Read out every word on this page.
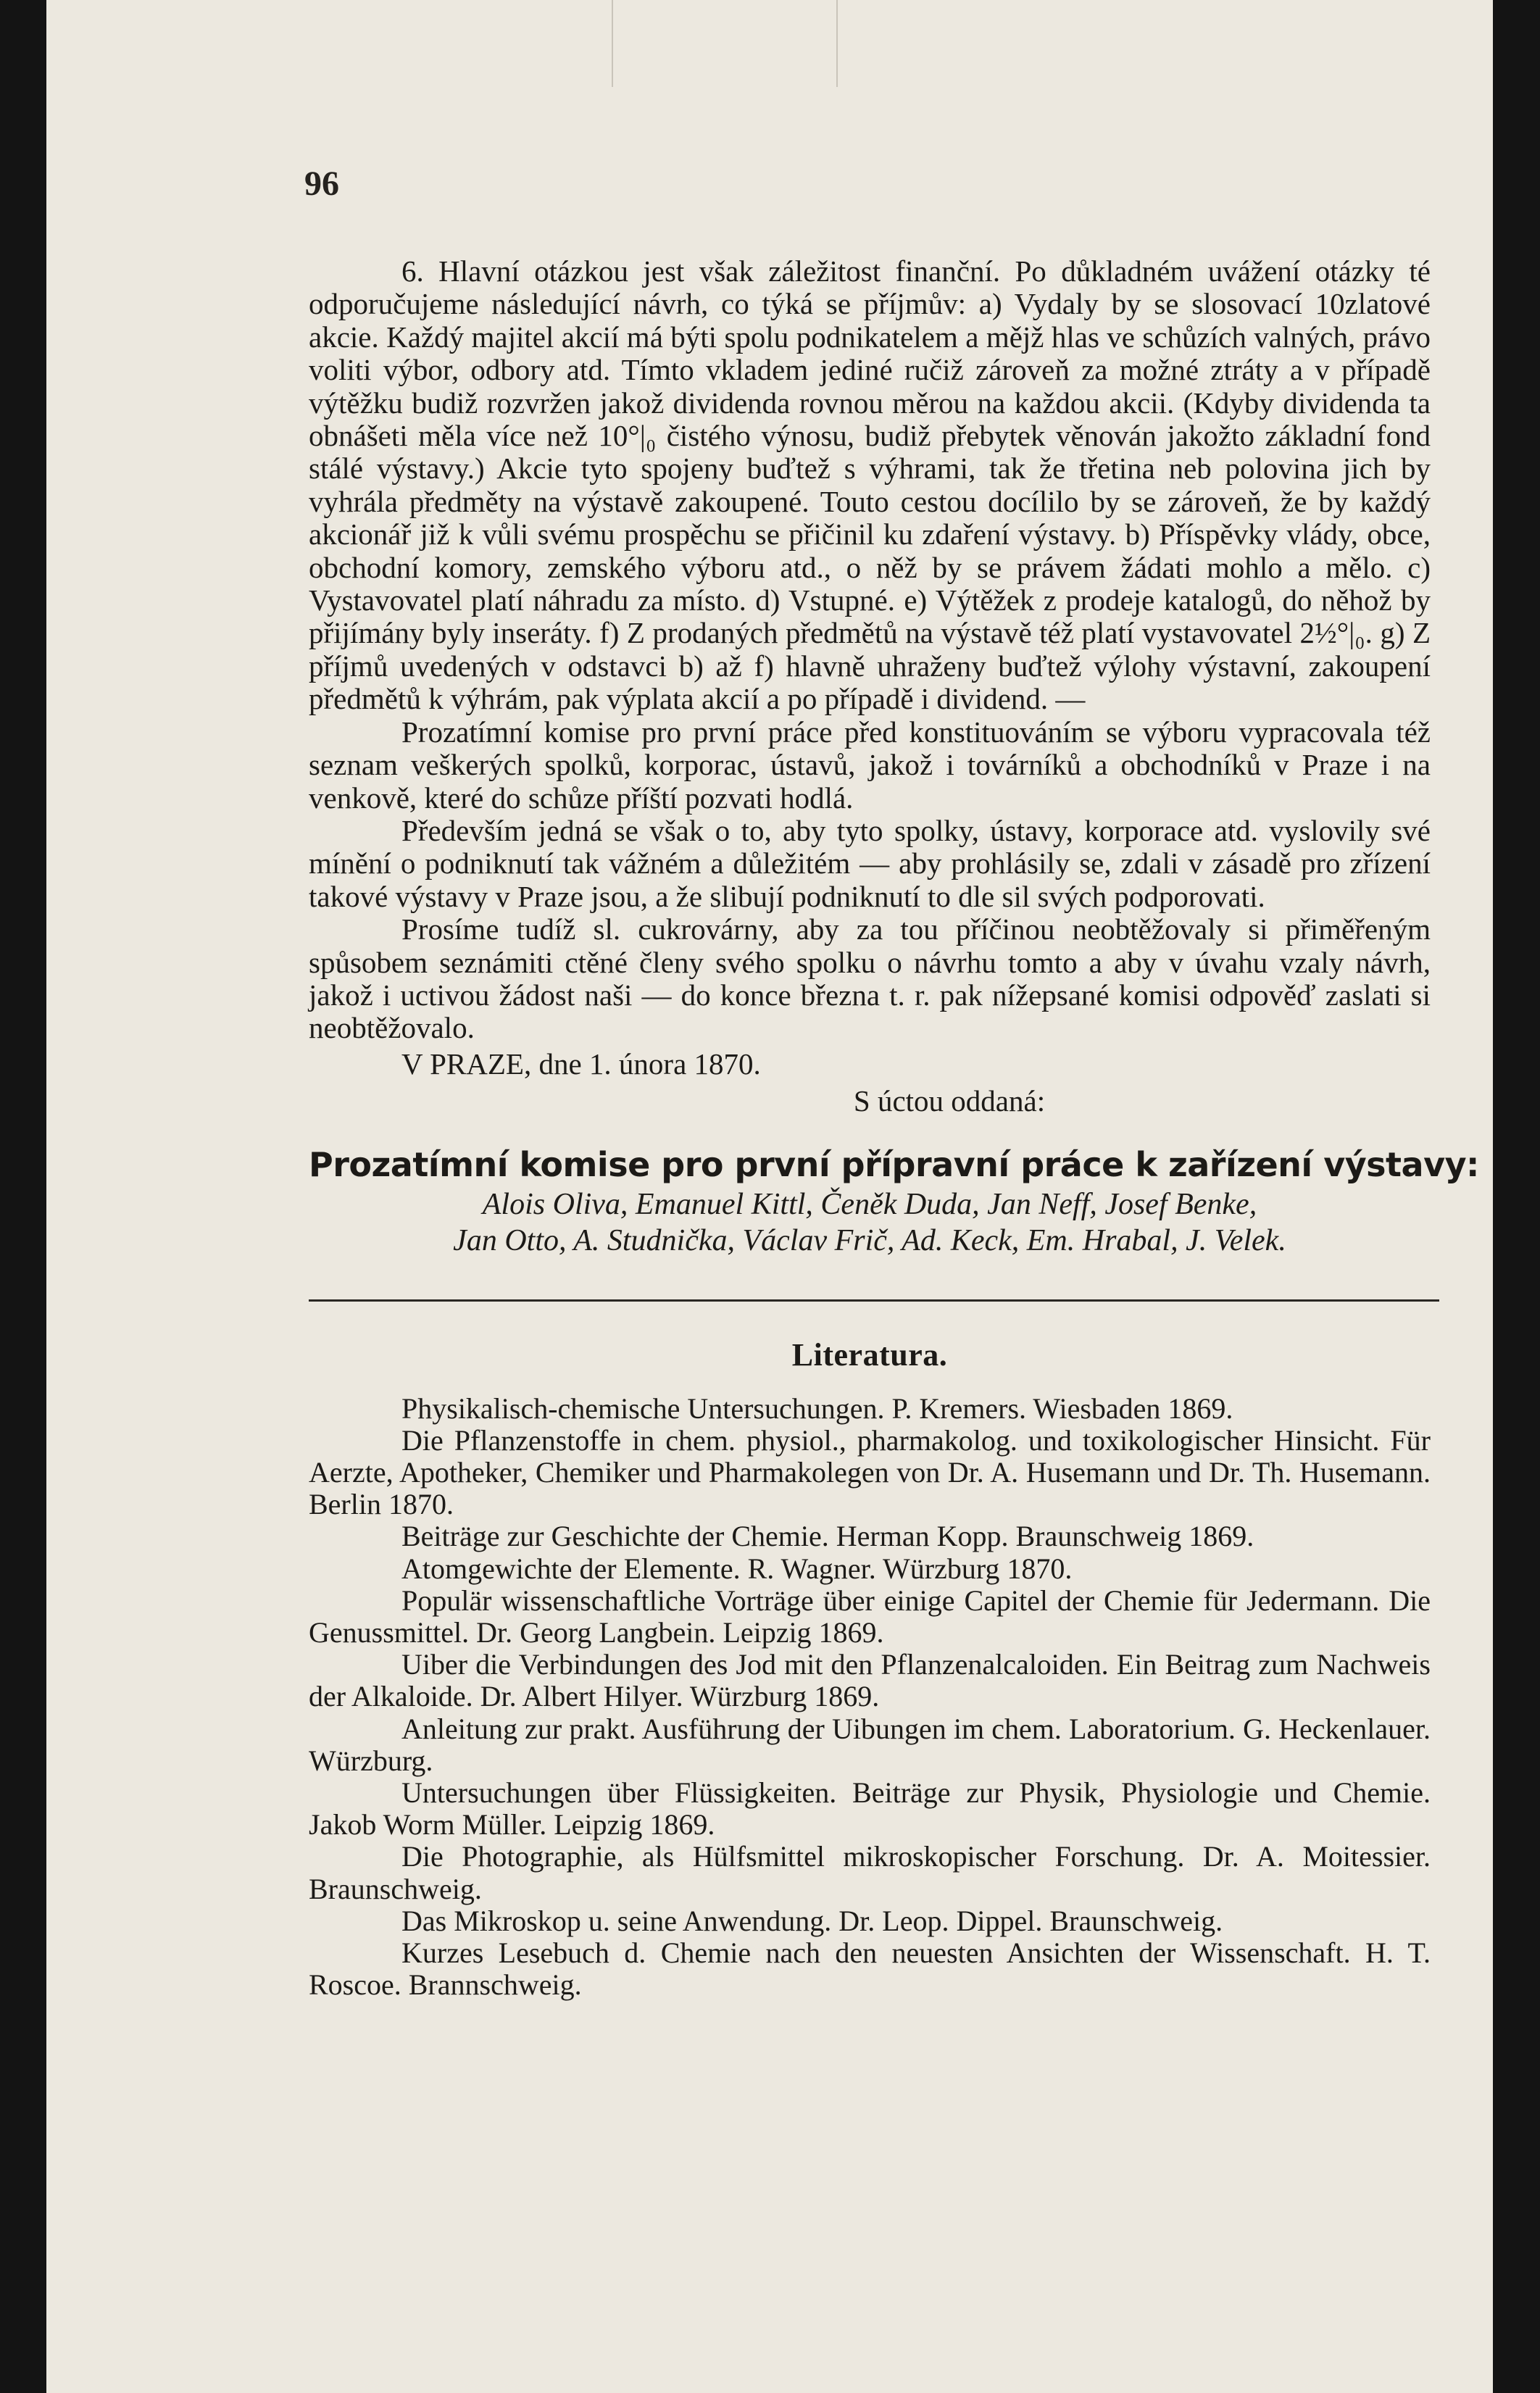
96

6. Hlavní otázkou jest však záležitost finanční. Po důkladném uvážení otázky té odporučujeme následující návrh, co týká se příjmův: a) Vydaly by se slosovací 10zlatové akcie. Každý majitel akcií má býti spolu podnikatelem a mějž hlas ve schůzích valných, právo voliti výbor, odbory atd. Tímto vkladem jediné ručiž zároveň za možné ztráty a v případě výtěžku budiž rozvržen jakož dividenda rovnou měrou na každou akcii. (Kdyby dividenda ta obnášeti měla více než 10°|₀ čistého výnosu, budiž přebytek věnován jakožto základní fond stálé výstavy.) Akcie tyto spojeny buďtež s výhrami, tak že třetina neb polovina jich by vyhrála předměty na výstavě zakoupené. Touto cestou docílilo by se zároveň, že by každý akcionář již k vůli svému prospěchu se přičinil ku zdaření výstavy. b) Příspěvky vlády, obce, obchodní komory, zemského výboru atd., o něž by se právem žádati mohlo a mělo. c) Vystavovatel platí náhradu za místo. d) Vstupné. e) Výtěžek z prodeje katalogů, do něhož by přijímány byly inseráty. f) Z prodaných předmětů na výstavě též platí vystavovatel 2½°|₀. g) Z příjmů uvedených v odstavci b) až f) hlavně uhraženy buďtež výlohy výstavní, zakoupení předmětů k výhrám, pak výplata akcií a po případě i dividend. —

Prozatímní komise pro první práce před konstituováním se výboru vypracovala též seznam veškerých spolků, korporac, ústavů, jakož i továrníků a obchodníků v Praze i na venkově, které do schůze příští pozvati hodlá.

Především jedná se však o to, aby tyto spolky, ústavy, korporace atd. vyslovily své mínění o podniknutí tak vážném a důležitém — aby prohlásily se, zdali v zásadě pro zřízení takové výstavy v Praze jsou, a že slibují podniknutí to dle sil svých podporovati.

Prosíme tudíž sl. cukrovárny, aby za tou příčinou neobtěžovaly si přiměřeným spůsobem seznámiti ctěné členy svého spolku o návrhu tomto a aby v úvahu vzaly návrh, jakož i uctivou žádost naši — do konce března t. r. pak nížepsané komisi odpověď zaslati si neobtěžovalo.

V PRAZE, dne 1. února 1870.

S úctou oddaná:

Prozatímní komise pro první přípravní práce k zařízení výstavy:
Alois Oliva, Emanuel Kittl, Čeněk Duda, Jan Neff, Josef Benke,
Jan Otto, A. Studnička, Václav Frič, Ad. Keck, Em. Hrabal, J. Velek.
Literatura.

Physikalisch-chemische Untersuchungen. P. Kremers. Wiesbaden 1869.

Die Pflanzenstoffe in chem. physiol., pharmakolog. und toxikologischer Hinsicht. Für Aerzte, Apotheker, Chemiker und Pharmakolegen von Dr. A. Husemann und Dr. Th. Husemann. Berlin 1870.

Beiträge zur Geschichte der Chemie. Herman Kopp. Braunschweig 1869.

Atomgewichte der Elemente. R. Wagner. Würzburg 1870.

Populär wissenschaftliche Vorträge über einige Capitel der Chemie für Jedermann. Die Genussmittel. Dr. Georg Langbein. Leipzig 1869.

Uiber die Verbindungen des Jod mit den Pflanzenalcaloiden. Ein Beitrag zum Nachweis der Alkaloide. Dr. Albert Hilyer. Würzburg 1869.

Anleitung zur prakt. Ausführung der Uibungen im chem. Laboratorium. G. Heckenlauer. Würzburg.

Untersuchungen über Flüssigkeiten. Beiträge zur Physik, Physiologie und Chemie. Jakob Worm Müller. Leipzig 1869.

Die Photographie, als Hülfsmittel mikroskopischer Forschung. Dr. A. Moitessier. Braunschweig.

Das Mikroskop u. seine Anwendung. Dr. Leop. Dippel. Braunschweig.

Kurzes Lesebuch d. Chemie nach den neuesten Ansichten der Wissenschaft. H. T. Roscoe. Brannschweig.
